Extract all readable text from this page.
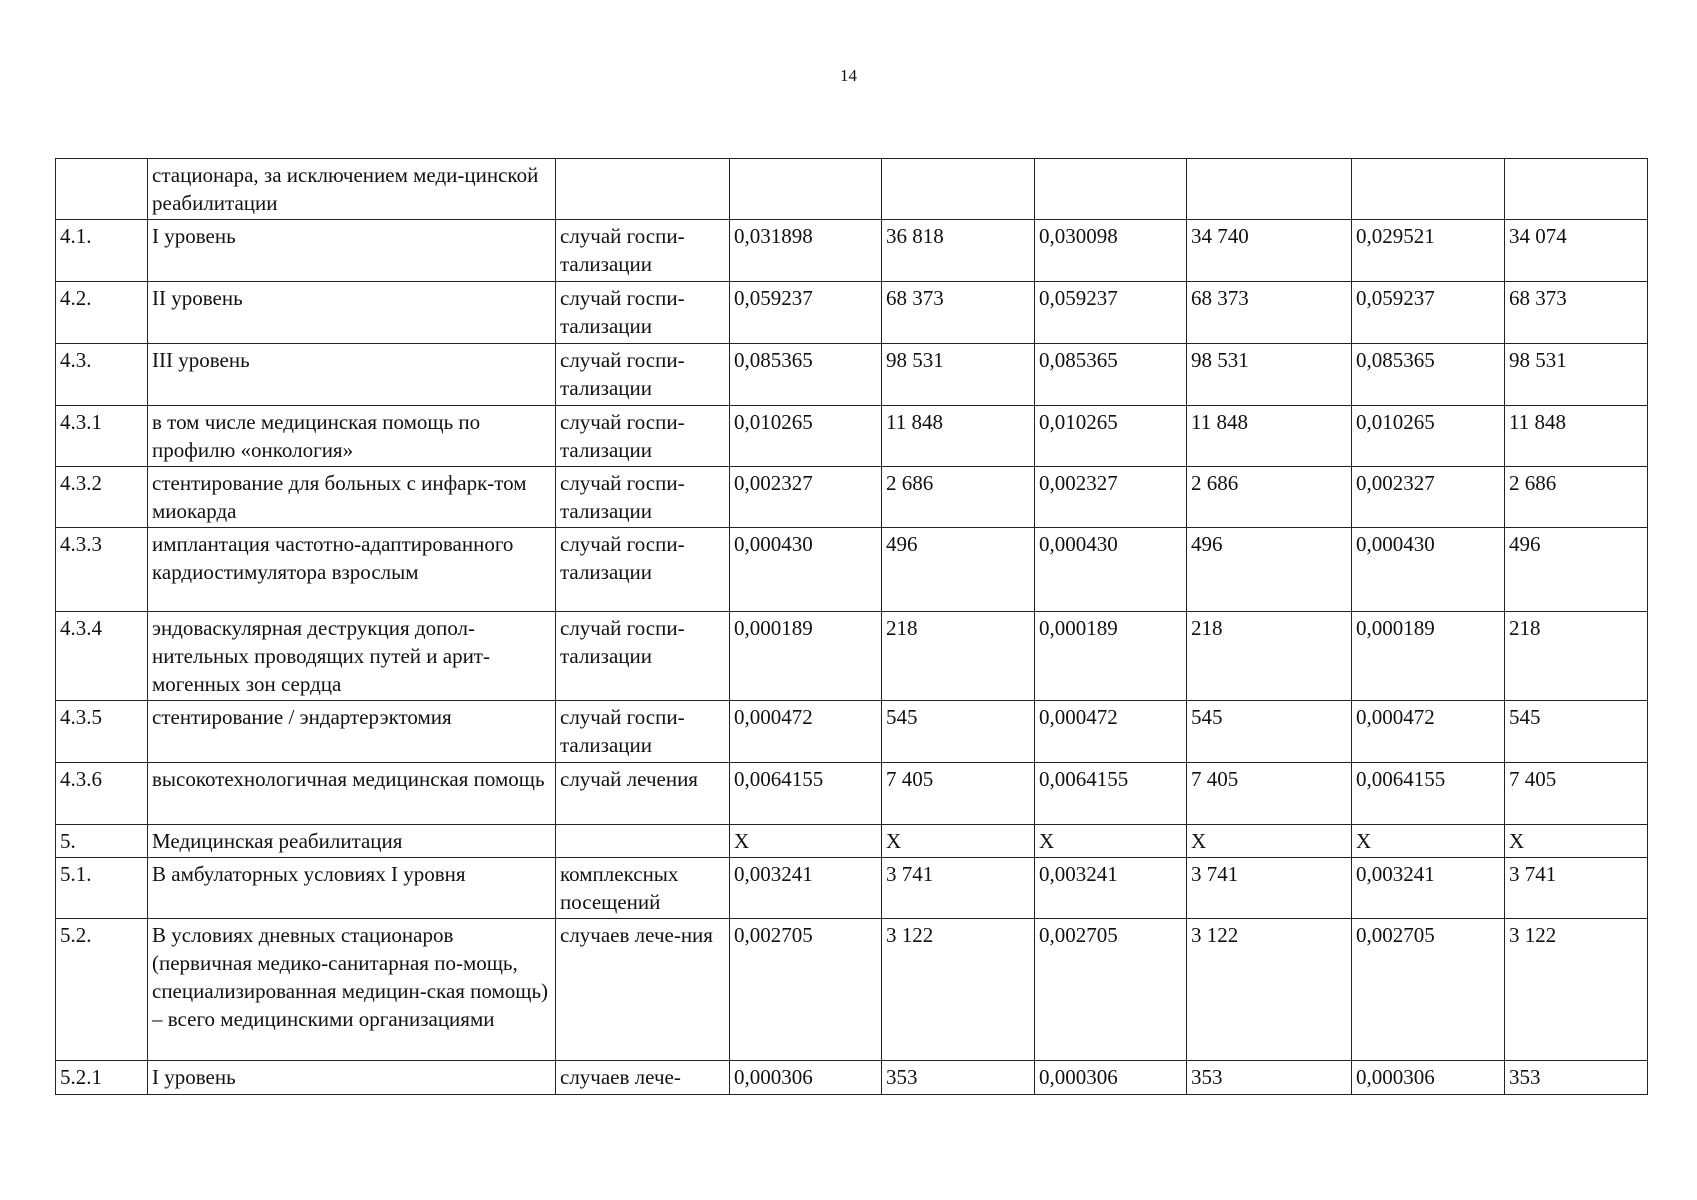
14
	стационара, за исключением меди-цинской реабилитации							
4.1.	I уровень	случай госпи-тализации	0,031898	36 818	0,030098	34 740	0,029521	34 074
4.2.	II уровень	случай госпи-тализации	0,059237	68 373	0,059237	68 373	0,059237	68 373
4.3.	III уровень	случай госпи-тализации	0,085365	98 531	0,085365	98 531	0,085365	98 531
4.3.1	в том числе медицинская помощь по профилю «онкология»	случай госпи-тализации	0,010265	11 848	0,010265	11 848	0,010265	11 848
4.3.2	стентирование для больных с инфарк-том миокарда	случай госпи-тализации	0,002327	2 686	0,002327	2 686	0,002327	2 686
4.3.3	имплантация частотно-адаптированного кардиостимулятора взрослым	случай госпи-тализации	0,000430	496	0,000430	496	0,000430	496
4.3.4	эндоваскулярная деструкция допол-нительных проводящих путей и арит-могенных зон сердца	случай госпи-тализации	0,000189	218	0,000189	218	0,000189	218
4.3.5	стентирование / эндартерэктомия	случай госпи-тализации	0,000472	545	0,000472	545	0,000472	545
4.3.6	высокотехнологичная медицинская помощь	случай лечения	0,0064155	7 405	0,0064155	7 405	0,0064155	7 405
5.	Медицинская реабилитация		X	X	X	X	X	X
5.1.	В амбулаторных условиях I уровня	комплексных посещений	0,003241	3 741	0,003241	3 741	0,003241	3 741
5.2.	В условиях дневных стационаров (первичная медико-санитарная по-мощь, специализированная медицин-ская помощь) – всего медицинскими организациями	случаев лече-ния	0,002705	3 122	0,002705	3 122	0,002705	3 122
5.2.1	I уровень	случаев лече-	0,000306	353	0,000306	353	0,000306	353
